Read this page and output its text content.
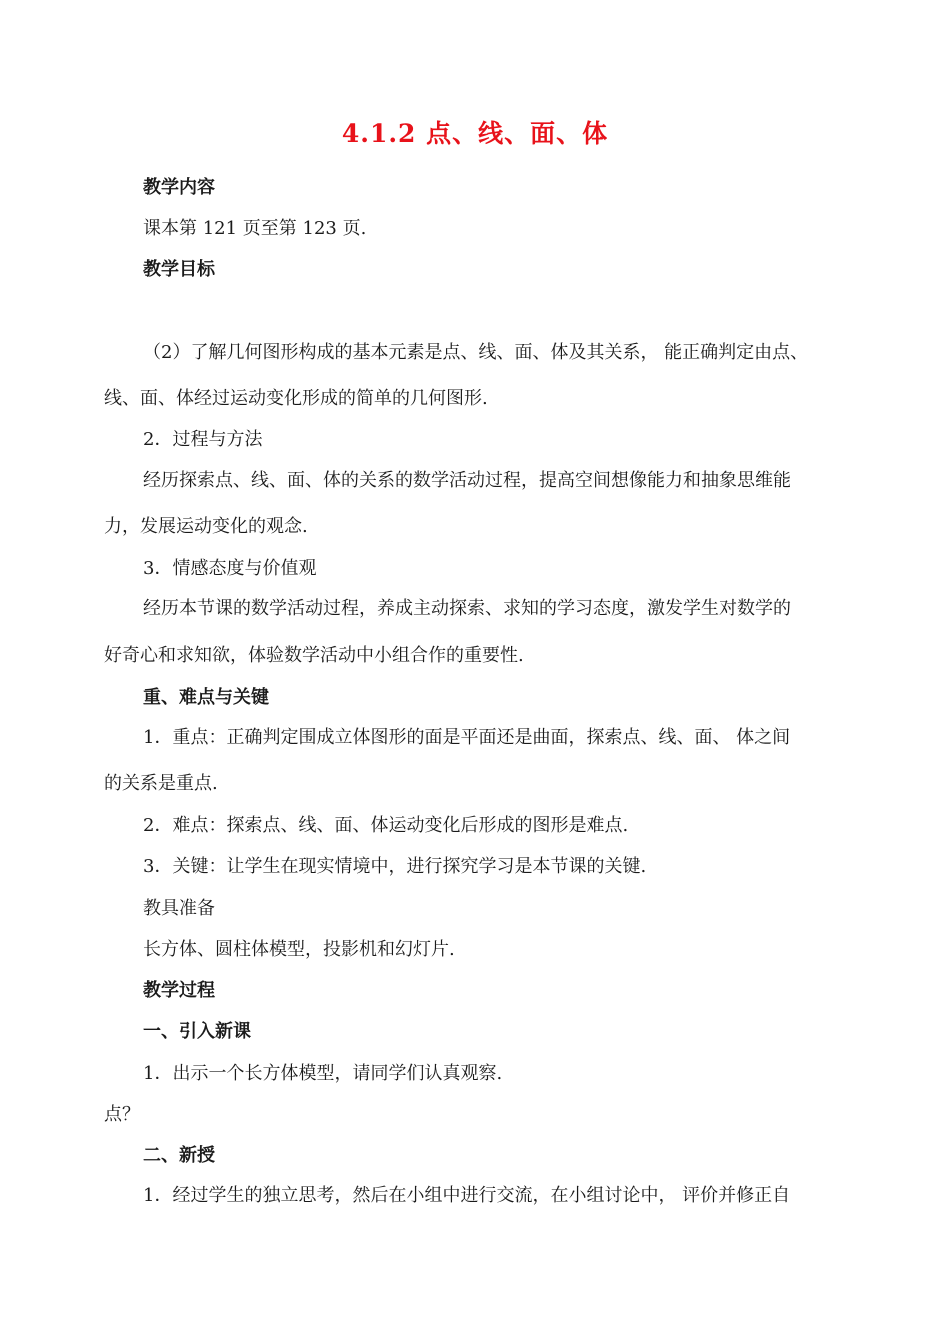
4.1.2 点、线、面、体
教学内容
课本第 121 页至第 123 页.
教学目标
（2）了解几何图形构成的基本元素是点、线、面、体及其关系， 能正确判定由点、
线、面、体经过运动变化形成的简单的几何图形.
2．过程与方法
经历探索点、线、面、体的关系的数学活动过程，提高空间想像能力和抽象思维能
力，发展运动变化的观念.
3．情感态度与价值观
经历本节课的数学活动过程，养成主动探索、求知的学习态度，激发学生对数学的
好奇心和求知欲，体验数学活动中小组合作的重要性.
重、难点与关键
1．重点：正确判定围成立体图形的面是平面还是曲面，探索点、线、面、 体之间
的关系是重点.
2．难点：探索点、线、面、体运动变化后形成的图形是难点.
3．关键：让学生在现实情境中，进行探究学习是本节课的关键.
教具准备
长方体、圆柱体模型，投影机和幻灯片.
教学过程
一、引入新课
1．出示一个长方体模型，请同学们认真观察.
点？
二、新授
1．经过学生的独立思考，然后在小组中进行交流，在小组讨论中， 评价并修正自
